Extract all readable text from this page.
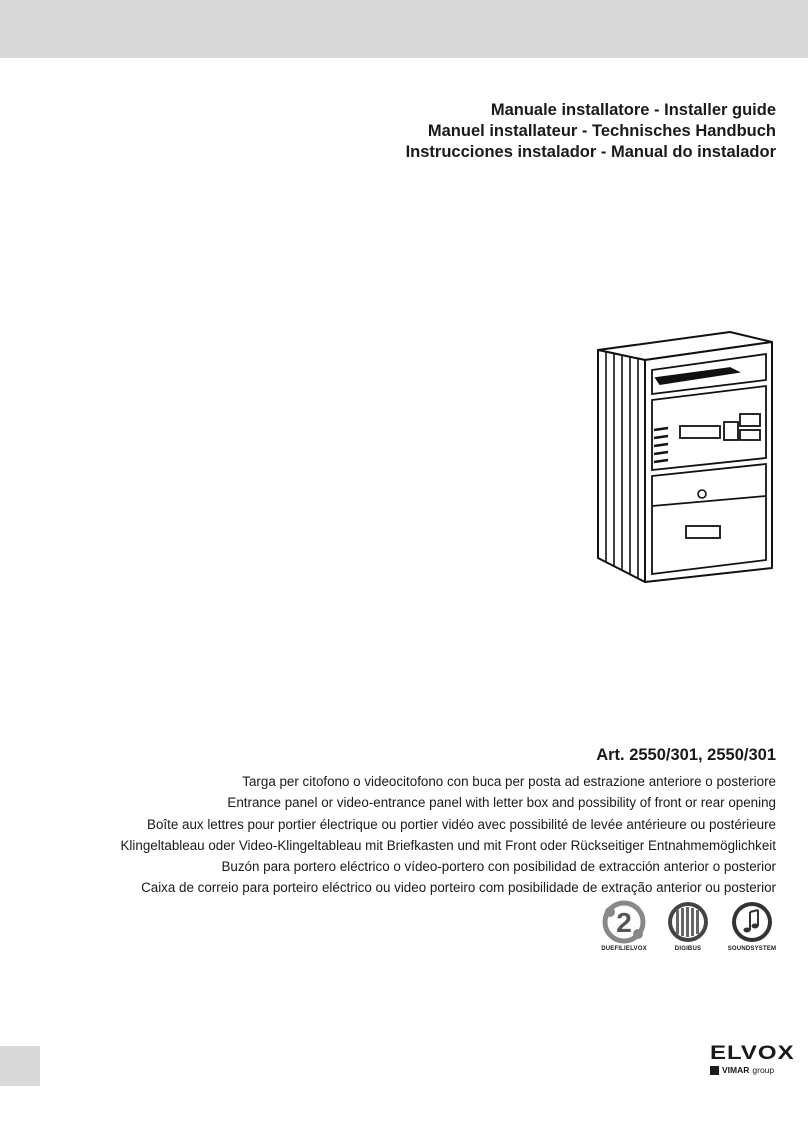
Manuale installatore - Installer guide
Manuel installateur - Technisches Handbuch
Instrucciones instalador - Manual do instalador
Art. 2550/301, 2550/301
Targa per citofono o videocitofono con buca per posta ad estrazione anteriore o posteriore
Entrance panel or video-entrance panel with letter box and possibility of front or rear opening
Boîte aux lettres pour portier électrique ou portier vidéo avec possibilité de levée antérieure ou postérieure
Klingeltableau oder Video-Klingeltableau mit Briefkasten und mit Front oder Rückseitiger Entnahmemöglichkeit
Buzón para portero eléctrico o vídeo-portero con posibilidad de extracción anterior o posterior
Caixa de correio para porteiro eléctrico ou video porteiro com posibilidade de extração anterior ou posterior
2
DUEFILIELVOX	DIGIBUS	SOUNDSYSTEM
ELVOX
VIMAR group
